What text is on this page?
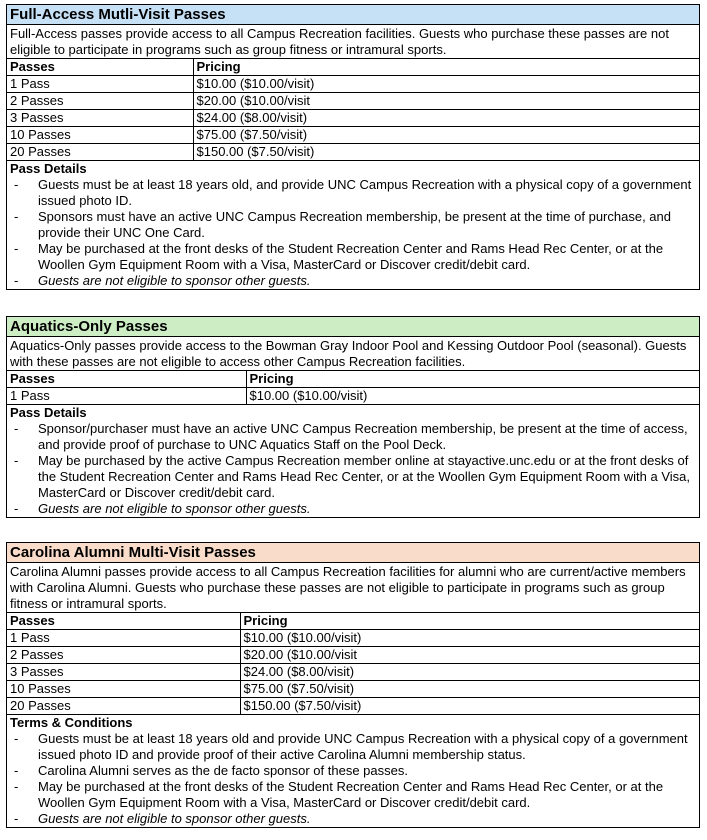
Full-Access Mutli-Visit Passes
Full-Access passes provide access to all Campus Recreation facilities. Guests who purchase these passes are not eligible to participate in programs such as group fitness or intramural sports.
Passes	Pricing
1 Pass	$10.00 ($10.00/visit)
2 Passes	$20.00 ($10.00/visit
3 Passes	$24.00 ($8.00/visit)
10 Passes	$75.00 ($7.50/visit)
20 Passes	$150.00 ($7.50/visit)
Pass Details
- Guests must be at least 18 years old, and provide UNC Campus Recreation with a physical copy of a government issued photo ID.
- Sponsors must have an active UNC Campus Recreation membership, be present at the time of purchase, and provide their UNC One Card.
- May be purchased at the front desks of the Student Recreation Center and Rams Head Rec Center, or at the Woollen Gym Equipment Room with a Visa, MasterCard or Discover credit/debit card.
- Guests are not eligible to sponsor other guests.
Aquatics-Only Passes
Aquatics-Only passes provide access to the Bowman Gray Indoor Pool and Kessing Outdoor Pool (seasonal). Guests with these passes are not eligible to access other Campus Recreation facilities.
Passes	Pricing
1 Pass	$10.00 ($10.00/visit)
Pass Details
- Sponsor/purchaser must have an active UNC Campus Recreation membership, be present at the time of access, and provide proof of purchase to UNC Aquatics Staff on the Pool Deck.
- May be purchased by the active Campus Recreation member online at stayactive.unc.edu or at the front desks of the Student Recreation Center and Rams Head Rec Center, or at the Woollen Gym Equipment Room with a Visa, MasterCard or Discover credit/debit card.
- Guests are not eligible to sponsor other guests.
Carolina Alumni Multi-Visit Passes
Carolina Alumni passes provide access to all Campus Recreation facilities for alumni who are current/active members with Carolina Alumni. Guests who purchase these passes are not eligible to participate in programs such as group fitness or intramural sports.
Passes	Pricing
1 Pass	$10.00 ($10.00/visit)
2 Passes	$20.00 ($10.00/visit
3 Passes	$24.00 ($8.00/visit)
10 Passes	$75.00 ($7.50/visit)
20 Passes	$150.00 ($7.50/visit)
Terms & Conditions
- Guests must be at least 18 years old and provide UNC Campus Recreation with a physical copy of a government issued photo ID and provide proof of their active Carolina Alumni membership status.
- Carolina Alumni serves as the de facto sponsor of these passes.
- May be purchased at the front desks of the Student Recreation Center and Rams Head Rec Center, or at the Woollen Gym Equipment Room with a Visa, MasterCard or Discover credit/debit card.
- Guests are not eligible to sponsor other guests.
